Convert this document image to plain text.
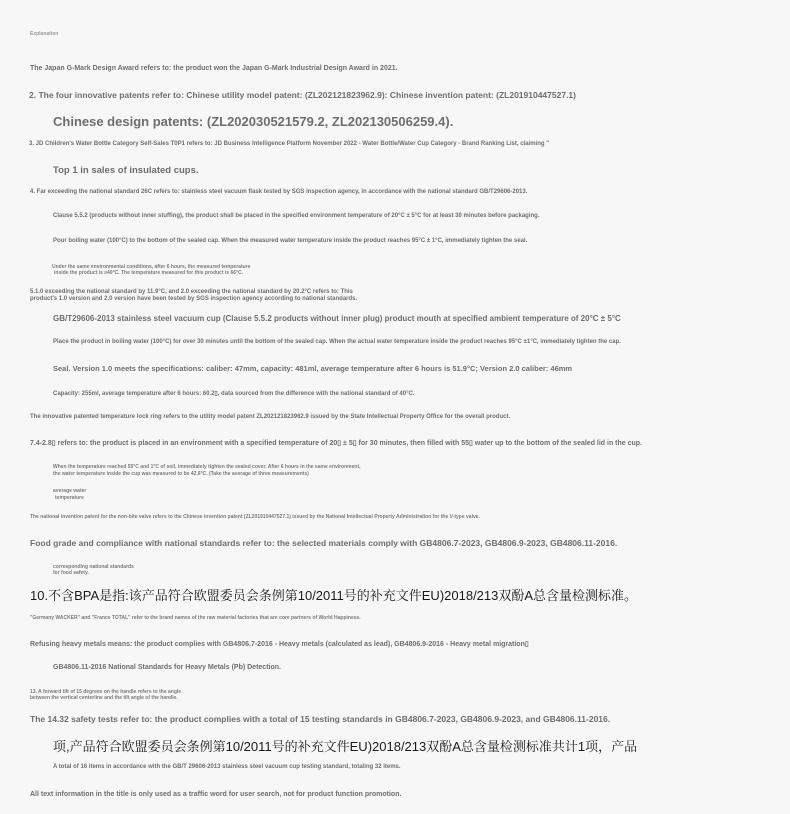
Explanation
The Japan G-Mark Design Award refers to: the product won the Japan G-Mark Industrial Design Award in 2021.
2. The four innovative patents refer to: Chinese utility model patent: (ZL202121823962.9): Chinese invention patent: (ZL201910447527.1)
Chinese design patents: (ZL202030521579.2, ZL202130506259.4).
3. JD Children's Water Bottle Category Self-Sales T0P1 refers to: JD Business Intelligence Platform November 2022 - Water Bottle/Water Cup Category - Brand Ranking List, claiming "
Top 1 in sales of insulated cups.
4. Far exceeding the national standard 26C refers to: stainless steel vacuum flask tested by SGS inspection agency, in accordance with the national standard GB/T29606-2013.
Clause 5.5.2 (products without inner stuffing), the product shall be placed in the specified environment temperature of 20°C ± 5°C for at least 30 minutes before packaging.
Pour boiling water (100°C) to the bottom of the sealed cap. When the measured water temperature inside the product reaches 95°C ± 1°C, immediately tighten the seal.
Under the same environmental conditions, after 6 hours, the measured temperature
inside the product is ≥40°C. The temperature measured for this product is 66°C.
5.1.0 exceeding the national standard by 11.9°C, and 2.0 exceeding the national standard by 20.2°C refers to: This
product's 1.0 version and 2.0 version have been tested by SGS inspection agency according to national standards.
GB/T29606-2013 stainless steel vacuum cup (Clause 5.5.2 products without inner plug) product mouth at specified ambient temperature of 20°C ± 5°C
Place the product in boiling water (100°C) for over 30 minutes until the bottom of the sealed cap. When the actual water temperature inside the product reaches 95°C ±1°C, immediately tighten the cap.
Seal. Version 1.0 meets the specifications: caliber: 47mm, capacity: 481ml, average temperature after 6 hours is 51.9°C; Version 2.0 caliber: 46mm
Capacity: 255ml, average temperature after 6 hours: 60.2▯, data sourced from the difference with the national standard of 40°C.
The innovative patented temperature lock ring refers to the utility model patent ZL202121823962.9 issued by the State Intellectual Property Office for the overall product.
7.4-2.8▯ refers to: the product is placed in an environment with a specified temperature of 20▯ ± 5▯ for 30 minutes, then filled with 55▯ water up to the bottom of the sealed lid in the cup.
When the temperature reached 55°C and 1°C of soil, immediately tighten the sealed cover. After 6 hours in the same environment,
the water temperature inside the cup was measured to be 42.6°C. (Take the average of three measurements)
average water
temperature
The national invention patent for the non-bite valve refers to the Chinese invention patent (ZL201910447527.1) issued by the National Intellectual Property Administration for the V-type valve.
Food grade and compliance with national standards refer to: the selected materials comply with GB4806.7-2023, GB4806.9-2023, GB4806.11-2016.
corresponding national standards
for food safety.
10.不含BPA是指:该产品符合欧盟委员会条例第10/2011号的补充文件EU)2018/213双酚A总含量检测标准。
"Germany WACKER" and "France TOTAL" refer to the brand names of the raw material factories that are core partners of World Happiness.
Refusing heavy metals means: the product complies with GB4806.7-2016 - Heavy metals (calculated as lead), GB4806.9-2016 - Heavy metal migration▯
GB4806.11-2016 National Standards for Heavy Metals (Pb) Detection.
13. A forward tilt of 15 degrees on the handle refers to the angle
between the vertical centerline and the tilt angle of the handle.
The 14.32 safety tests refer to: the product complies with a total of 15 testing standards in GB4806.7-2023, GB4806.9-2023, and GB4806.11-2016.
项,产品符合欧盟委员会条例第10/2011号的补充文件EU)2018/213双酚A总含量检测标准共计1项，产品
A total of 16 items in accordance with the GB/T 29606-2013 stainless steel vacuum cup testing standard, totaling 32 items.
All text information in the title is only used as a traffic word for user search, not for product function promotion.
